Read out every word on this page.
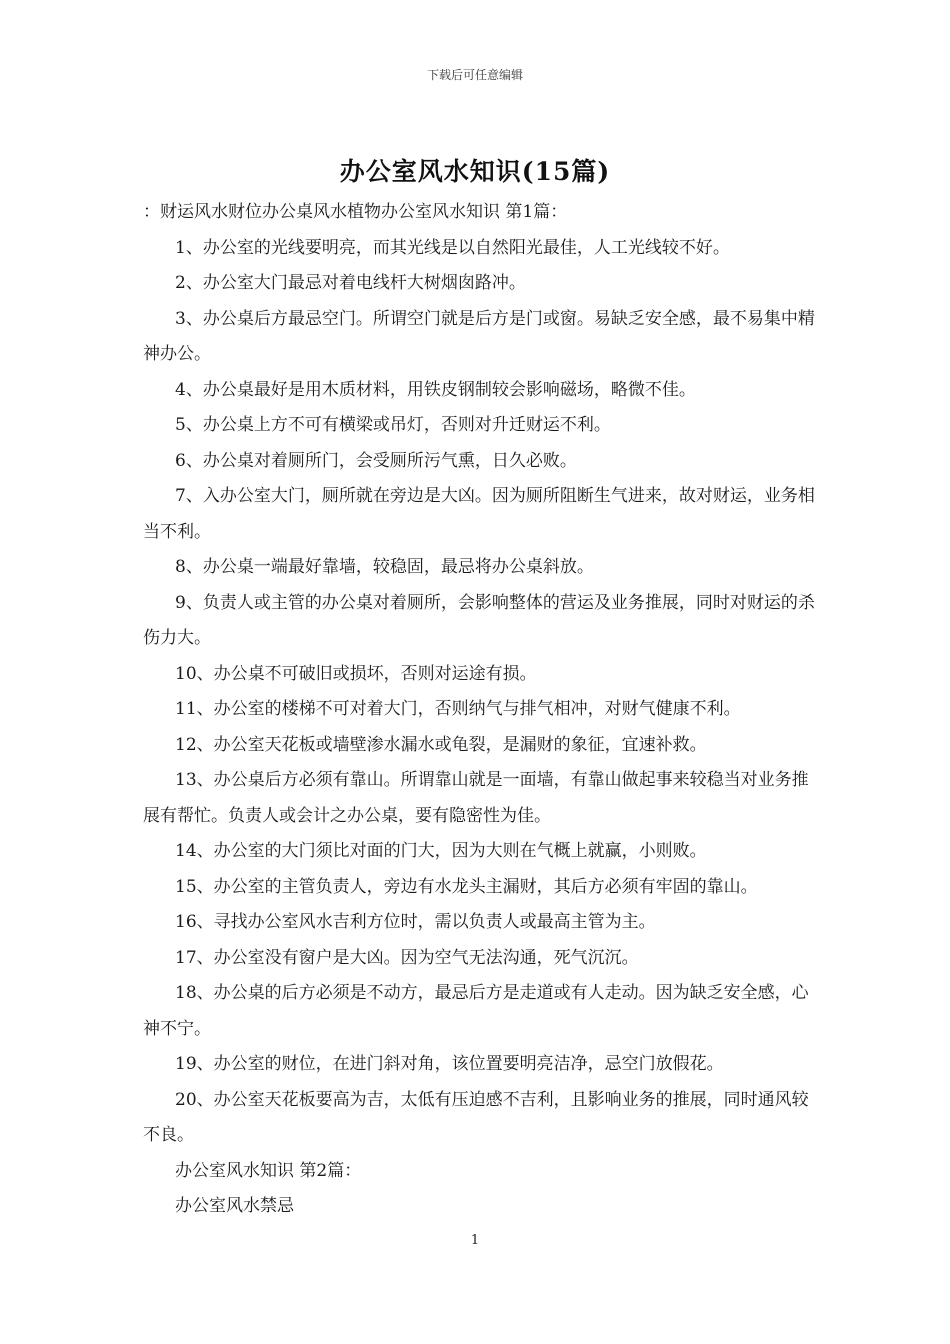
下载后可任意编辑
办公室风水知识(15篇)

：财运风水财位办公桌风水植物办公室风水知识 第1篇：

1、办公室的光线要明亮，而其光线是以自然阳光最佳，人工光线较不好。

2、办公室大门最忌对着电线杆大树烟囱路冲。

3、办公桌后方最忌空门。所谓空门就是后方是门或窗。易缺乏安全感，最不易集中精神办公。

4、办公桌最好是用木质材料，用铁皮钢制较会影响磁场，略微不佳。

5、办公桌上方不可有横梁或吊灯，否则对升迁财运不利。

6、办公桌对着厕所门，会受厕所污气熏，日久必败。

7、入办公室大门，厕所就在旁边是大凶。因为厕所阻断生气进来，故对财运，业务相当不利。

8、办公桌一端最好靠墙，较稳固，最忌将办公桌斜放。

9、负责人或主管的办公桌对着厕所，会影响整体的营运及业务推展，同时对财运的杀伤力大。

10、办公桌不可破旧或损坏，否则对运途有损。

11、办公室的楼梯不可对着大门，否则纳气与排气相冲，对财气健康不利。

12、办公室天花板或墙壁渗水漏水或龟裂，是漏财的象征，宜速补救。

13、办公桌后方必须有靠山。所谓靠山就是一面墙，有靠山做起事来较稳当对业务推展有帮忙。负责人或会计之办公桌，要有隐密性为佳。

14、办公室的大门须比对面的门大，因为大则在气概上就赢，小则败。

15、办公室的主管负责人，旁边有水龙头主漏财，其后方必须有牢固的靠山。

16、寻找办公室风水吉利方位时，需以负责人或最高主管为主。

17、办公室没有窗户是大凶。因为空气无法沟通，死气沉沉。

18、办公桌的后方必须是不动方，最忌后方是走道或有人走动。因为缺乏安全感，心神不宁。

19、办公室的财位，在进门斜对角，该位置要明亮洁净，忌空门放假花。

20、办公室天花板要高为吉，太低有压迫感不吉利，且影响业务的推展，同时通风较不良。

办公室风水知识 第2篇：

办公室风水禁忌

1
